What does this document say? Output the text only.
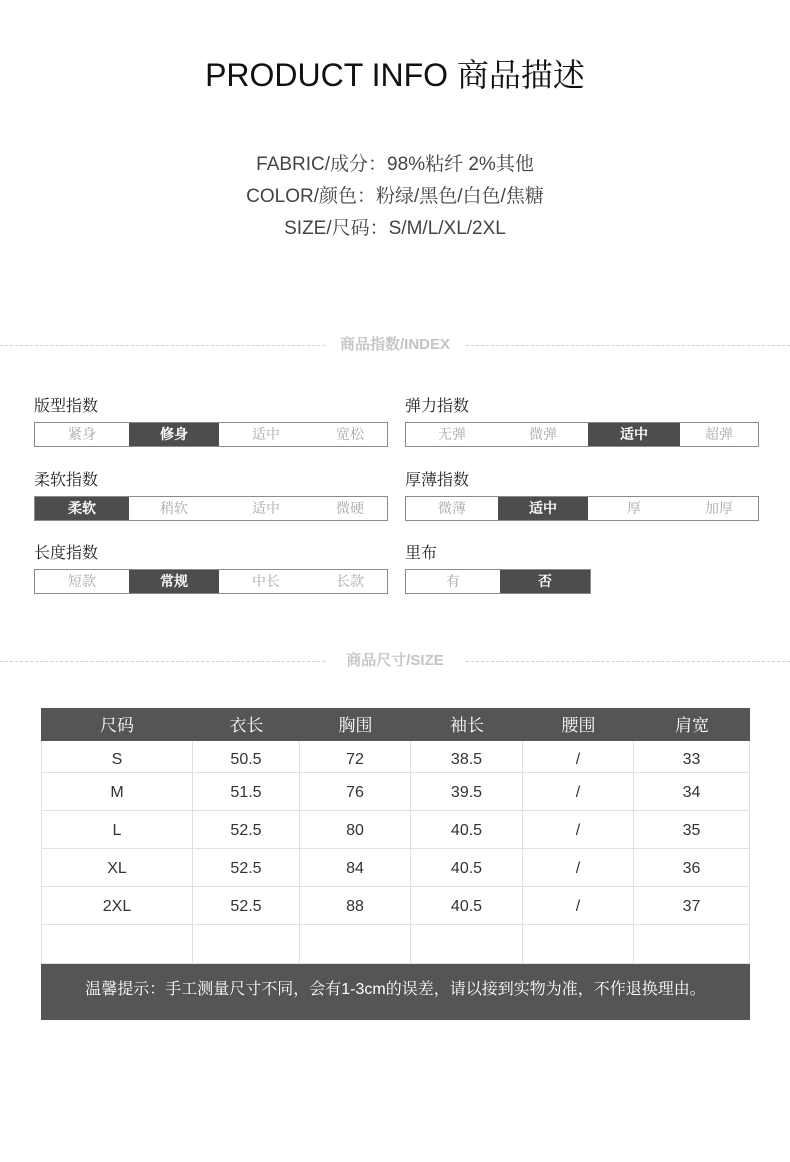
PRODUCT INFO 商品描述
FABRIC/成分：98%粘纤 2%其他
COLOR/颜色：粉绿/黑色/白色/焦糖
SIZE/尺码：S/M/L/XL/2XL
商品指数/INDEX
版型指数
紧身	修身	适中	宽松
弹力指数
无弹	微弹	适中	超弹
柔软指数
柔软	稍软	适中	微硬
厚薄指数
微薄	适中	厚	加厚
长度指数
短款	常规	中长	长款
里布
有	否
商品尺寸/SIZE
尺码	衣长	胸围	袖长	腰围	肩宽
S	50.5	72	38.5	/	33
M	51.5	76	39.5	/	34
L	52.5	80	40.5	/	35
XL	52.5	84	40.5	/	36
2XL	52.5	88	40.5	/	37
温馨提示：手工测量尺寸不同，会有1-3cm的误差，请以接到实物为准，不作退换理由。
